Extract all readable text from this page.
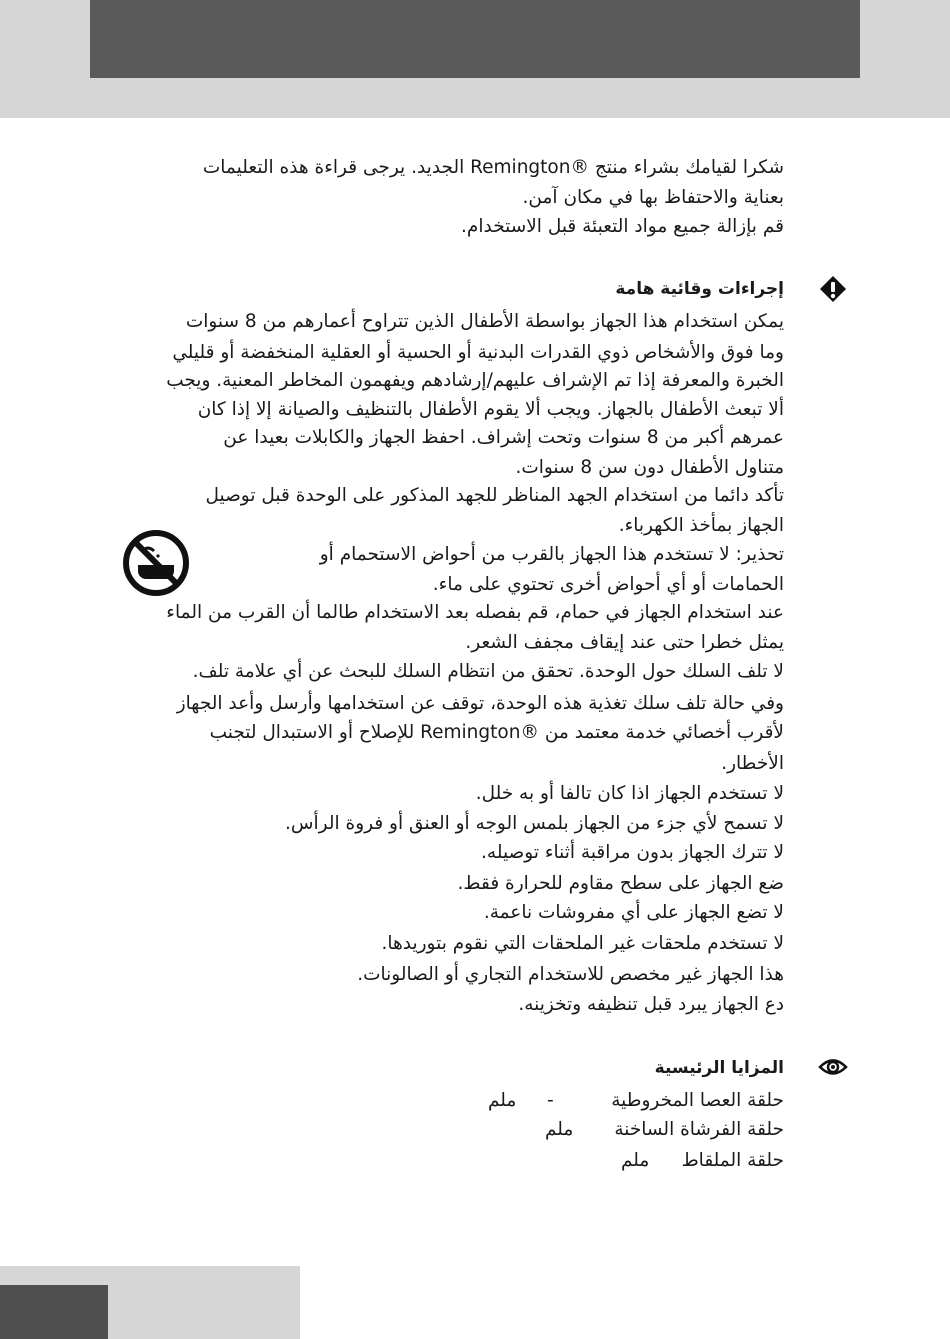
شكرا لقيامك بشراء منتج ®Remington الجديد. يرجى قراءة هذه التعليمات
بعناية والاحتفاظ بها في مكان آمن.
قم بإزالة جميع مواد التعبئة قبل الاستخدام.
إجراءات وقائية هامة
يمكن استخدام هذا الجهاز بواسطة الأطفال الذين تتراوح أعمارهم من 8 سنوات
وما فوق والأشخاص ذوي القدرات البدنية أو الحسية أو العقلية المنخفضة أو قليلي
الخبرة والمعرفة إذا تم الإشراف عليهم/إرشادهم ويفهمون المخاطر المعنية. ويجب
ألا تبعث الأطفال بالجهاز. ويجب ألا يقوم الأطفال بالتنظيف والصيانة إلا إذا كان
عمرهم أكبر من 8 سنوات وتحت إشراف. احفظ الجهاز والكابلات بعيدا عن
متناول الأطفال دون سن 8 سنوات.
تأكد دائما من استخدام الجهد المناظر للجهد المذكور على الوحدة قبل توصيل
الجهاز بمأخذ الكهرباء.
تحذير: لا تستخدم هذا الجهاز بالقرب من أحواض الاستحمام أو
الحمامات أو أي أحواض أخرى تحتوي على ماء.
عند استخدام الجهاز في حمام، قم بفصله بعد الاستخدام طالما أن القرب من الماء
يمثل خطرا حتى عند إيقاف مجفف الشعر.
لا تلف السلك حول الوحدة. تحقق من انتظام السلك للبحث عن أي علامة تلف.
وفي حالة تلف سلك تغذية هذه الوحدة، توقف عن استخدامها وأرسل وأعد الجهاز
لأقرب أخصائي خدمة معتمد من ®Remington للإصلاح أو الاستبدال لتجنب
الأخطار.
لا تستخدم الجهاز اذا كان تالفا أو به خلل.
لا تسمح لأي جزء من الجهاز بلمس الوجه أو العنق أو فروة الرأس.
لا تترك الجهاز بدون مراقبة أثناء توصيله.
ضع الجهاز على سطح مقاوم للحرارة فقط.
لا تضع الجهاز على أي مفروشات ناعمة.
لا تستخدم ملحقات غير الملحقات التي نقوم بتوريدها.
هذا الجهاز غير مخصص للاستخدام التجاري أو الصالونات.
دع الجهاز يبرد قبل تنظيفه وتخزينه.
المزايا الرئيسية
حلقة العصا المخروطية
-
ملم
حلقة الفرشاة الساخنة
ملم
حلقة الملقاط
ملم
